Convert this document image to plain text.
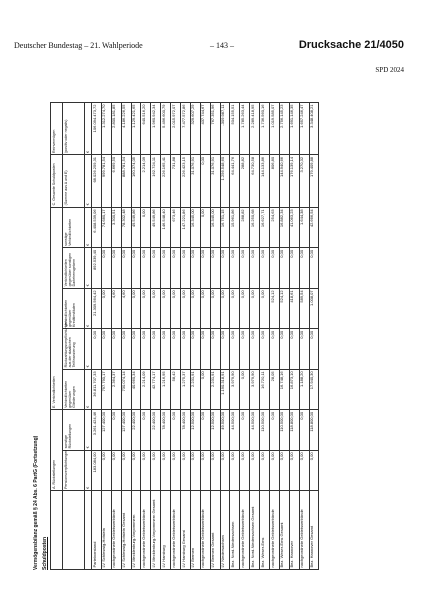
Deutscher Bundestag – 21. Wahlperiode	– 143 –	Drucksache 21/4050
SPD 2024
Vermögensbilanz gemäß § 24 Abs. 6 PartG (Fortsetzung) Schuldposten
	A. Rückstellungen		E. Verbindlichkeiten					C. Gesamte Schuldposten	Reinvermögen
	Pensionsverpflichtungen	sonstige Rückstellungen	Verbindlichkeiten gegenüber Gliederungen	Rückzahlungsverpflichtungen aus der staatlichen Teilfinanzierung	Verbindlichkeiten gegenüber Kreditinstituten	Verbindlichkeiten gegenüber sonstigen Darlehensgebern	sonstige Verbindlichkeiten	(Summe aus A und E)	(positiv oder negativ)
	€	€	€	€	€	€	€	€	€
Parteivorstand	183.084,00	3.261.424,46	36.811.707,33	0,00	21.309.564,42	892.539,40	6.408.539,06	68.026.259,31	106.094.473,72
LV Schleswig-Holstein	0,00	127.400,00	797.790,17	0,00	0,00	0,00	74.680,17	999.781,54	1.312.274,70
nachgeordnete Gebietsverbände	0,00	0,00	2.364,37	0,00	4,60	0,00	3.300,51	6.669,50	2.800.181,85
LV Schleswig-Holstein Gesamt	0,00	127.400,00	730.074,14	0,00	4,60	0,00	78.302,48	888.781,54	4.186.226,55
LV Mecklenburg-Vorpommern	0,00	22.400,00	40.660,34	0,00	0,00	0,00	49.549,86	160.374,05	1.129.421,65
nachgeordnete Gebietsverbände	0,00	0,00	2.214,09	0,00	0,00	0,00	0,00	2.214,09	640.516,20
LV Mecklenburg-Vorpommern Gesamt	0,00	22.400,00	42.774,17	0,00	0,00	0,00	49.549,86	162.724,11	1.960.942,34
LV Hamburg	0,00	78.400,00	1.216,95	0,00	0,00	0,00	146.548,40	226.165,41	5.496.600,79
nachgeordnete Gebietsverbände	0,00	0,00	58,42	0,00	0,00	0,00	673,46	731,88	2.015.972,07
LV Hamburg Gesamt	0,00	78.400,00	1.275,37	0,00	0,00	0,00	147.221,86	226.423,15	7.477.572,86
LV Bremen	0,00	12.500,00	2.231,91	0,00	0,00	0,00	16.345,00	31.076,91	329.607,29
nachgeordnete Gebietsverbände	0,00	0,00	0,00	0,00	0,00	0,00	0,00	0,00	437.744,67
LV Bremen Gesamt	0,00	12.500,00	2.231,91	0,00	0,00	0,00	16.345,00	31.076,91	767.351,96
LV Niedersachsen	0,00	49.500,00	1.190.318,91	0,00	0,00	0,00	16.751,15	1.256.548,60	-309.987,11
Bez. Nord-Niedersachsen	0,00	44.500,00	3.979,90	0,00	0,00	0,00	15.961,86	64.441,76	504.155,51
nachgeordnete Gebietsverbände	0,00	0,00	0,00	0,00	0,00	0,00	288,82	288,82	1.785.263,44
Bez. Nord-Niedersachsen Gesamt	0,00	44.500,00	3.979,90	0,00	0,00	0,00	16.250,68	64.730,58	2.289.418,95
Bez. Weser-Ems	0,00	110.500,00	16.720,11	0,00	0,00	0,00	16.627,71	144.133,86	1.736.560,16
nachgeordnete Gebietsverbände	0,00	0,00	28,05	0,00	524,12	0,00	254,63	806,80	1.019.585,07
Bez. Weser-Ems Gesamt	0,00	110.500,00	16.748,16	0,00	524,12	0,00	16.882,34	144.940,66	2.756.145,23
Bez. Hannover	0,00	118.800,00	16.873,10	0,00	418,61	0,00	41.063,23	176.139,14	1.691.146,35
nachgeordnete Gebietsverbände	0,00	0,00	1.188,20	0,00	589,54	0,00	1.644,38	3.270,32	1.657.246,47
Bez. Hannover Gesamt	0,00	118.800,00	17.940,30	0,00	1.008,07	0,00	42.666,54	179.409,88	3.348.408,21
